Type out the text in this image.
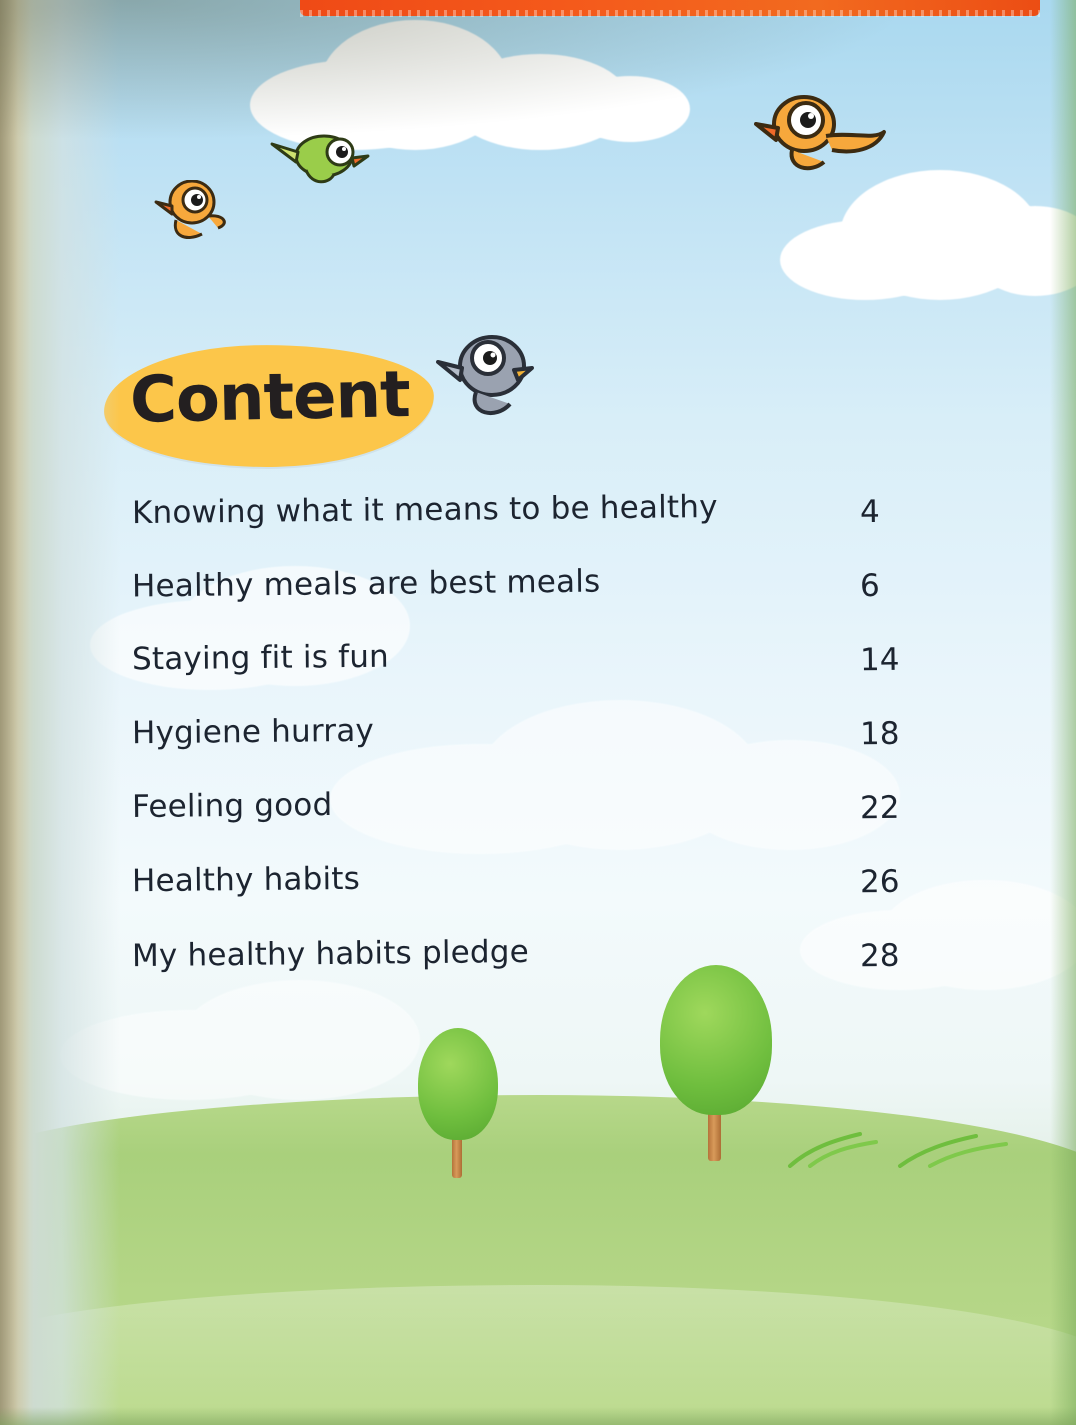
Content
Knowing what it means to be healthy	4
Healthy meals are best meals	6
Staying fit is fun	14
Hygiene hurray	18
Feeling good	22
Healthy habits	26
My healthy habits pledge	28
